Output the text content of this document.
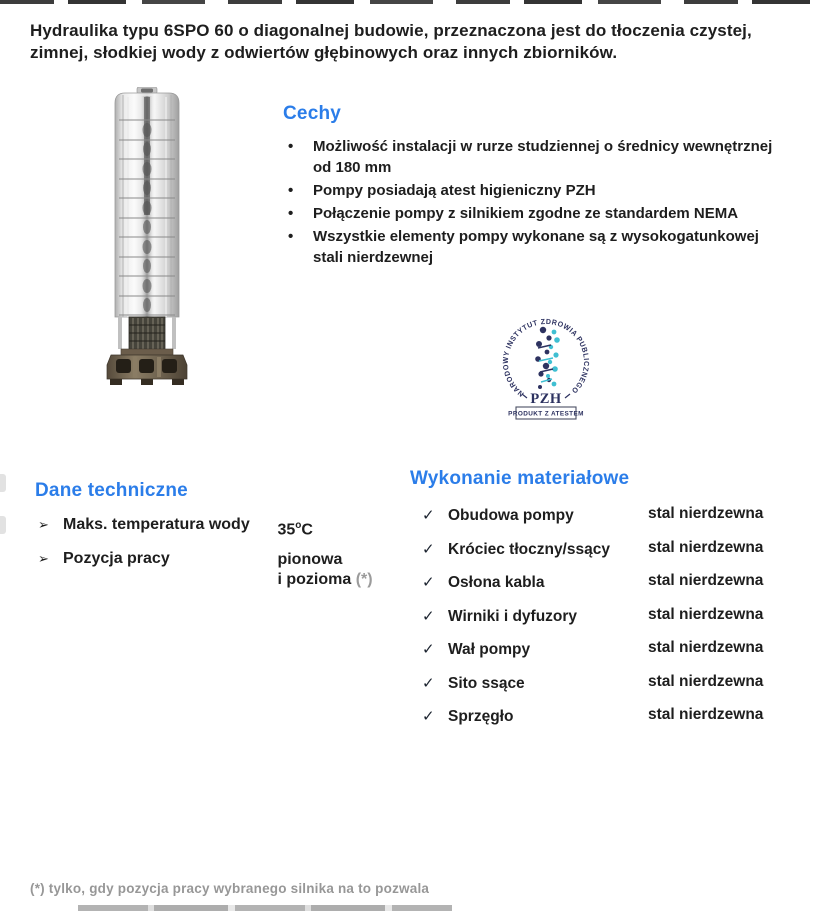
Hydraulika typu 6SPO 60 o diagonalnej budowie, przeznaczona jest do tłoczenia czystej,
zimnej, słodkiej wody z odwiertów głębinowych oraz innych zbiorników.
Cechy
• Możliwość instalacji w rurze studziennej o średnicy wewnętrznej
od 180 mm
• Pompy posiadają atest higieniczny PZH
• Połączenie pompy z silnikiem zgodne ze standardem NEMA
• Wszystkie elementy pompy wykonane są z wysokogatunkowej
stali nierdzewnej
NARODOWY INSTYTUT ZDROWIA PUBLICZNEGO
PZH
PRODUKT Z ATESTEM
Dane techniczne
➢ Maks. temperatura wody 35$^o$C
➢ Pozycja pracy	pionowa
i pozioma (*)
Wykonanie materiałowe
✓ Obudowa pompy	stal nierdzewna
✓ Króciec tłoczny/ssący stal nierdzewna
✓ Osłona kabla	stal nierdzewna
✓ Wirniki i dyfuzory	stal nierdzewna
✓ Wał pompy	stal nierdzewna
✓ Sito ssące	stal nierdzewna
✓ Sprzęgło	stal nierdzewna
(*) tylko, gdy pozycja pracy wybranego silnika na to pozwala
